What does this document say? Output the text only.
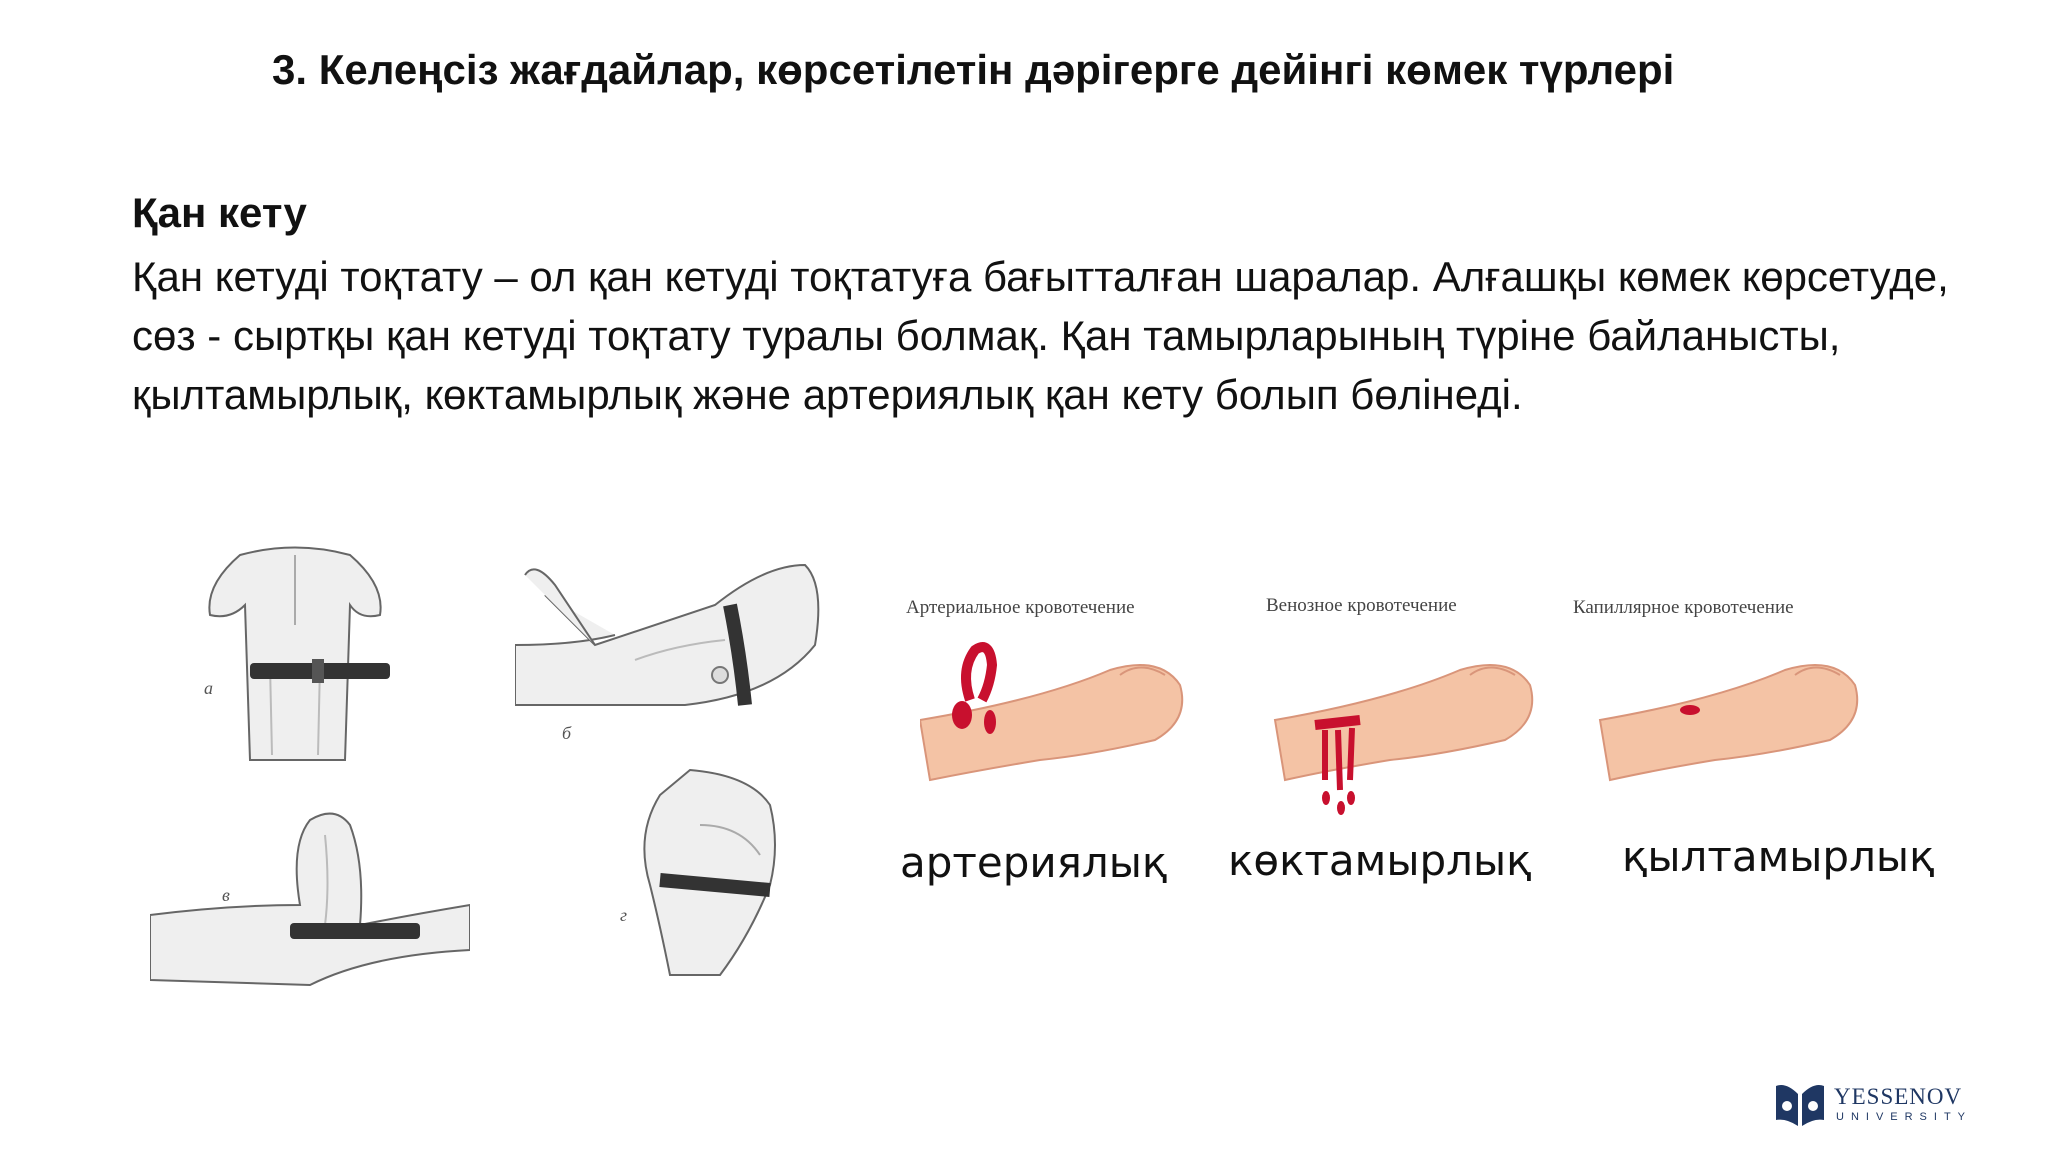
3. Келеңсіз жағдайлар, көрсетілетін дәрігерге дейінгі көмек түрлері

Қан кету

Қан кетуді тоқтату – ол қан кетуді тоқтатуға бағытталған шаралар. Алғашқы көмек көрсетуде, сөз - сыртқы қан кетуді тоқтату туралы болмақ. Қан тамырларының түріне байланысты, қылтамырлық, көктамырлық және артериялық қан кету болып бөлінеді.

а
б
в
г
Артериальное кровотечение
артериялық
Венозное кровотечение
көктамырлық
Капиллярное кровотечение
қылтамырлық
YESSENOV
UNIVERSITY
